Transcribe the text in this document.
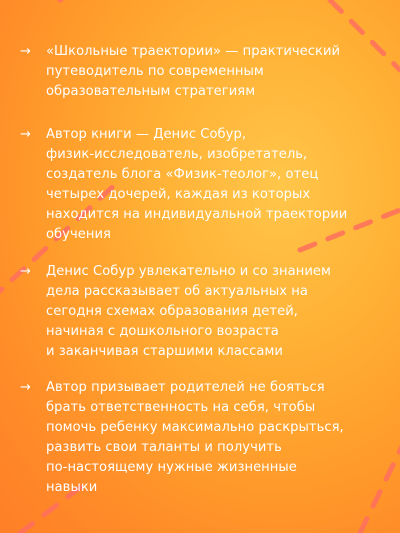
→	«Школьные траектории» — практический
путеводитель по современным
образовательным стратегиям
→	Автор книги — Денис Собур,
физик-исследователь, изобретатель,
создатель блога «Физик-теолог», отец
четырех дочерей, каждая из которых
находится на индивидуальной траектории
обучения
→	Денис Собур увлекательно и со знанием
дела рассказывает об актуальных на
сегодня схемах образования детей,
начиная с дошкольного возраста
и заканчивая старшими классами
→	Автор призывает родителей не бояться
брать ответственность на себя, чтобы
помочь ребенку максимально раскрыться,
развить свои таланты и получить
по-настоящему нужные жизненные
навыки
